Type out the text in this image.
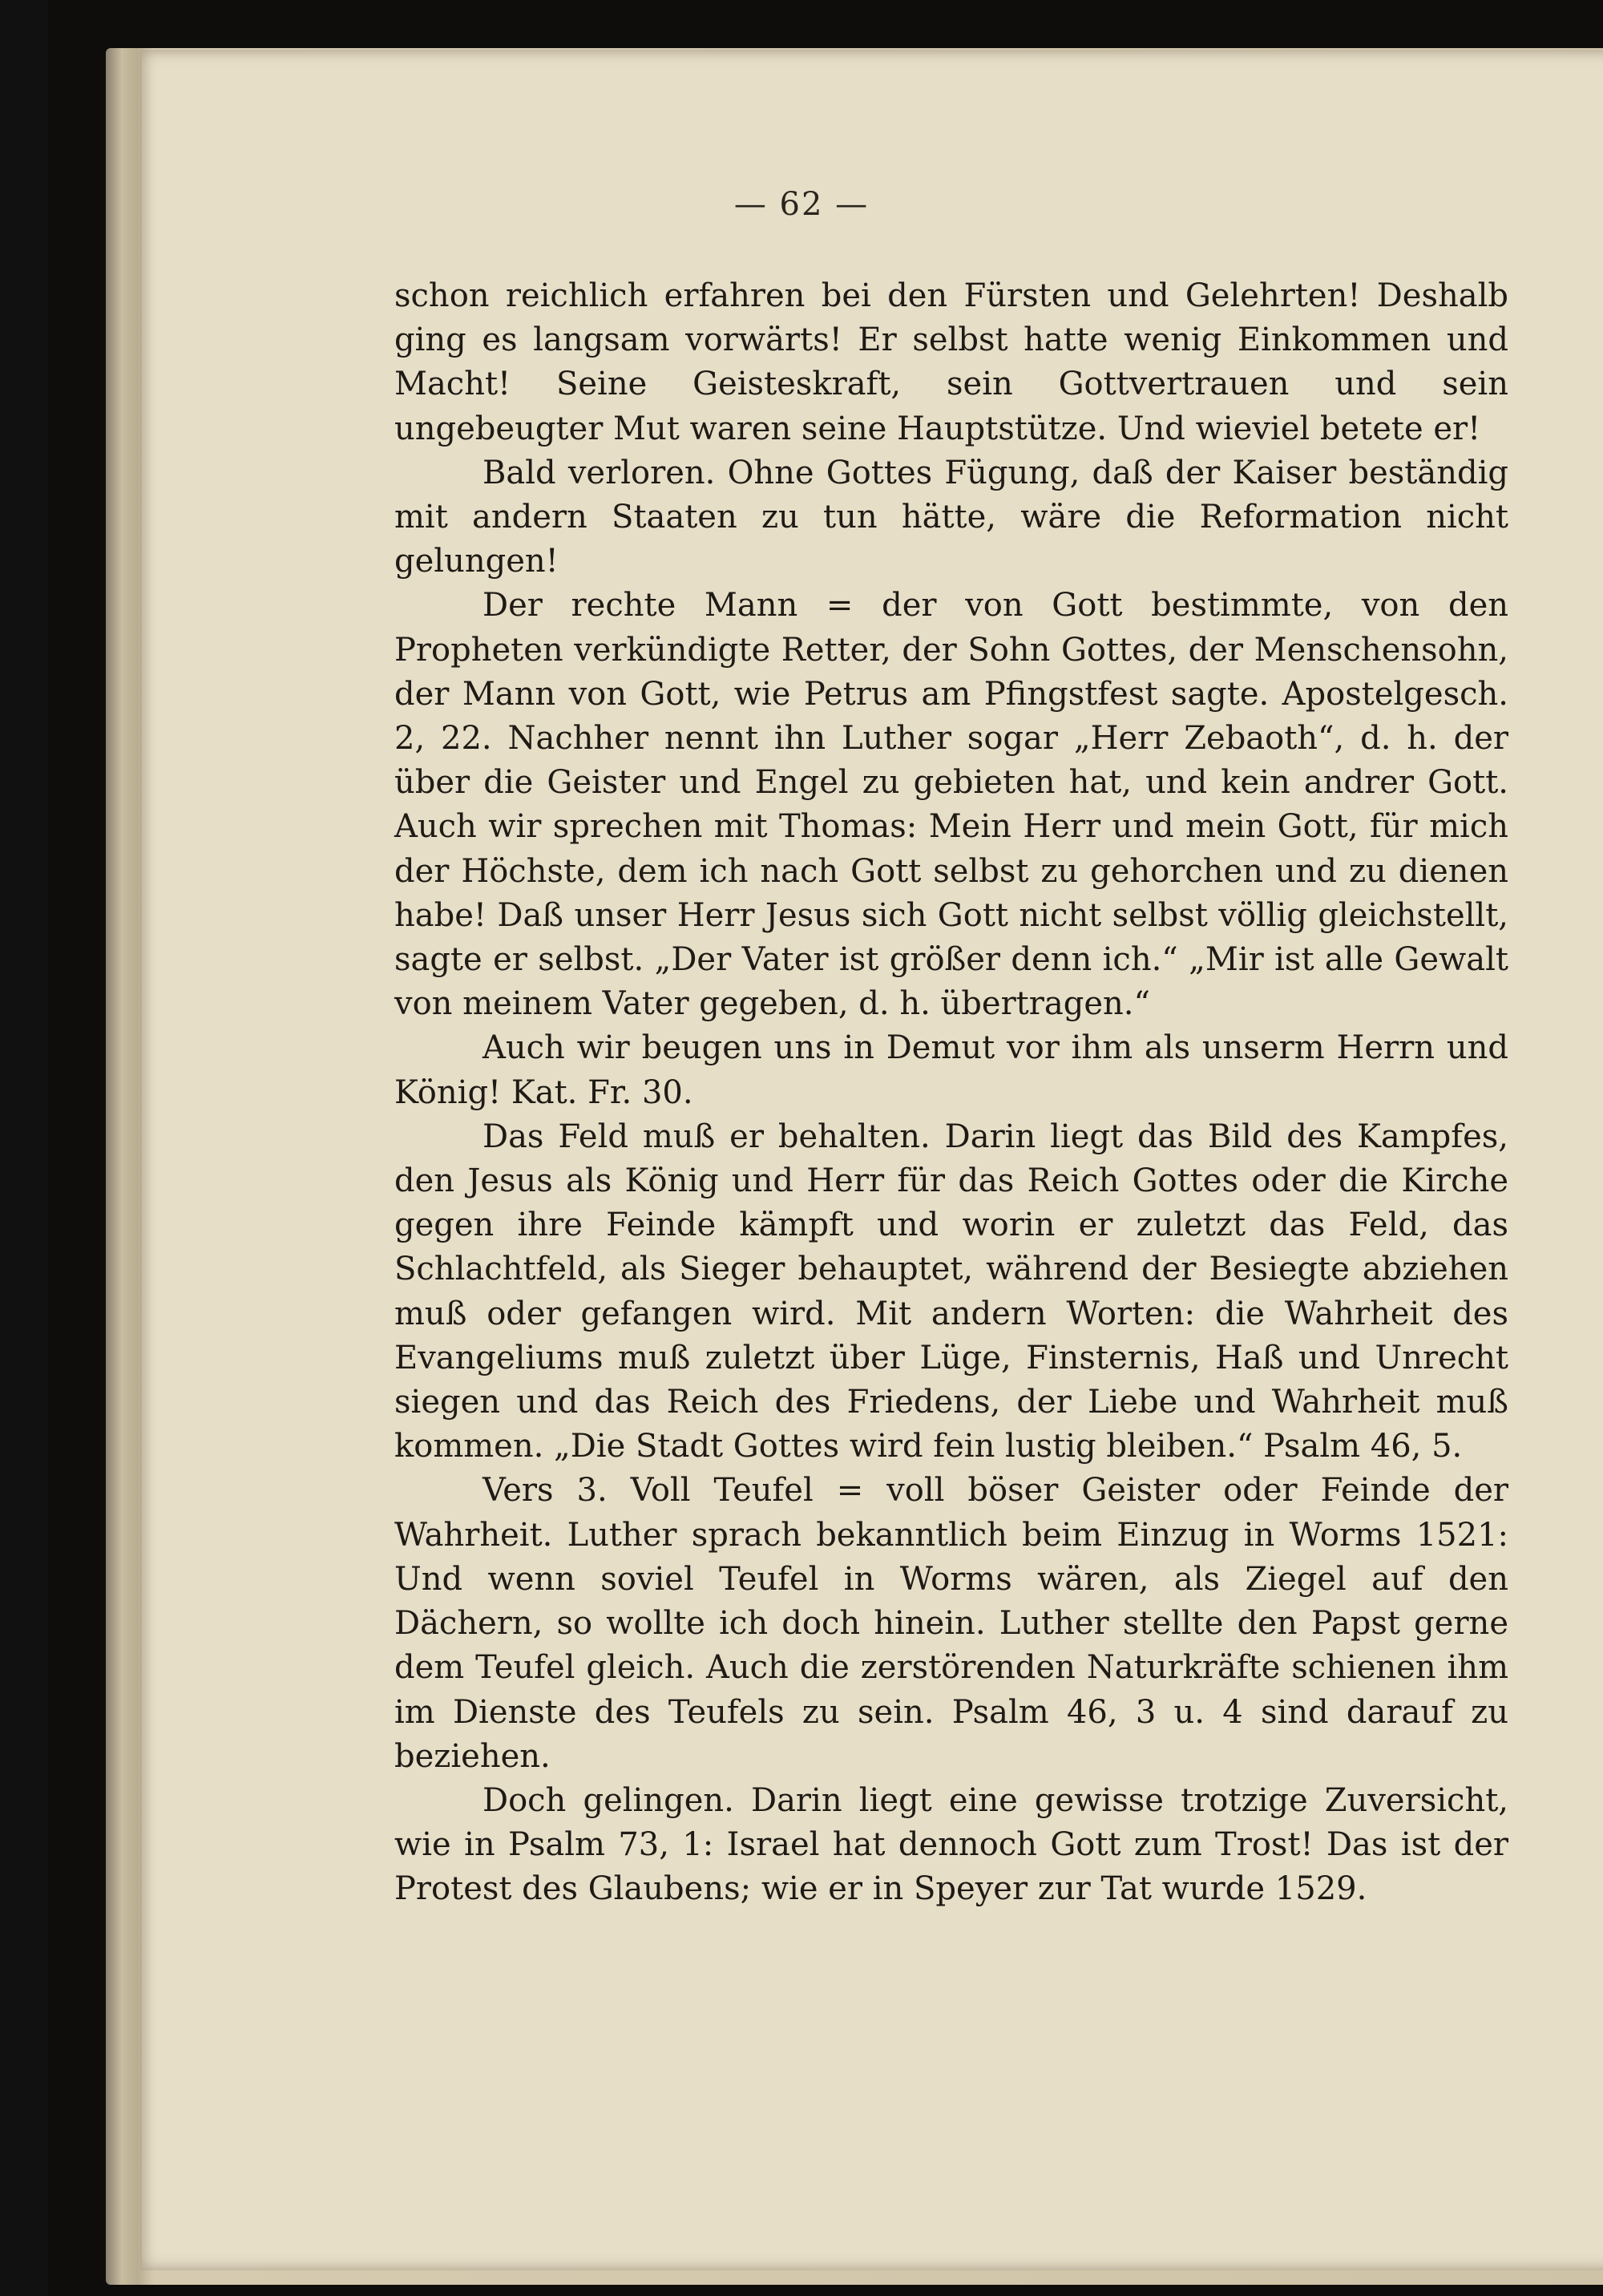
— 62 —

schon reichlich erfahren bei den Fürsten und Gelehrten! Deshalb ging es langsam vorwärts! Er selbst hatte wenig Einkommen und Macht! Seine Geisteskraft, sein Gottvertrauen und sein ungebeugter Mut waren seine Hauptstütze. Und wieviel betete er!

Bald verloren. Ohne Gottes Fügung, daß der Kaiser beständig mit andern Staaten zu tun hätte, wäre die Reformation nicht gelungen!

Der rechte Mann = der von Gott bestimmte, von den Propheten verkündigte Retter, der Sohn Gottes, der Menschensohn, der Mann von Gott, wie Petrus am Pfingstfest sagte. Apostelgesch. 2, 22. Nachher nennt ihn Luther sogar „Herr Zebaoth“, d. h. der über die Geister und Engel zu gebieten hat, und kein andrer Gott. Auch wir sprechen mit Thomas: Mein Herr und mein Gott, für mich der Höchste, dem ich nach Gott selbst zu gehorchen und zu dienen habe! Daß unser Herr Jesus sich Gott nicht selbst völlig gleichstellt, sagte er selbst. „Der Vater ist größer denn ich.“ „Mir ist alle Gewalt von meinem Vater gegeben, d. h. übertragen.“

Auch wir beugen uns in Demut vor ihm als unserm Herrn und König! Kat. Fr. 30.

Das Feld muß er behalten. Darin liegt das Bild des Kampfes, den Jesus als König und Herr für das Reich Gottes oder die Kirche gegen ihre Feinde kämpft und worin er zuletzt das Feld, das Schlachtfeld, als Sieger behauptet, während der Besiegte abziehen muß oder gefangen wird. Mit andern Worten: die Wahrheit des Evangeliums muß zuletzt über Lüge, Finsternis, Haß und Unrecht siegen und das Reich des Friedens, der Liebe und Wahrheit muß kommen. „Die Stadt Gottes wird fein lustig bleiben.“ Psalm 46, 5.

Vers 3. Voll Teufel = voll böser Geister oder Feinde der Wahrheit. Luther sprach bekanntlich beim Einzug in Worms 1521: Und wenn soviel Teufel in Worms wären, als Ziegel auf den Dächern, so wollte ich doch hinein. Luther stellte den Papst gerne dem Teufel gleich. Auch die zerstörenden Naturkräfte schienen ihm im Dienste des Teufels zu sein. Psalm 46, 3 u. 4 sind darauf zu beziehen.

Doch gelingen. Darin liegt eine gewisse trotzige Zuversicht, wie in Psalm 73, 1: Israel hat dennoch Gott zum Trost! Das ist der Protest des Glaubens; wie er in Speyer zur Tat wurde 1529.
